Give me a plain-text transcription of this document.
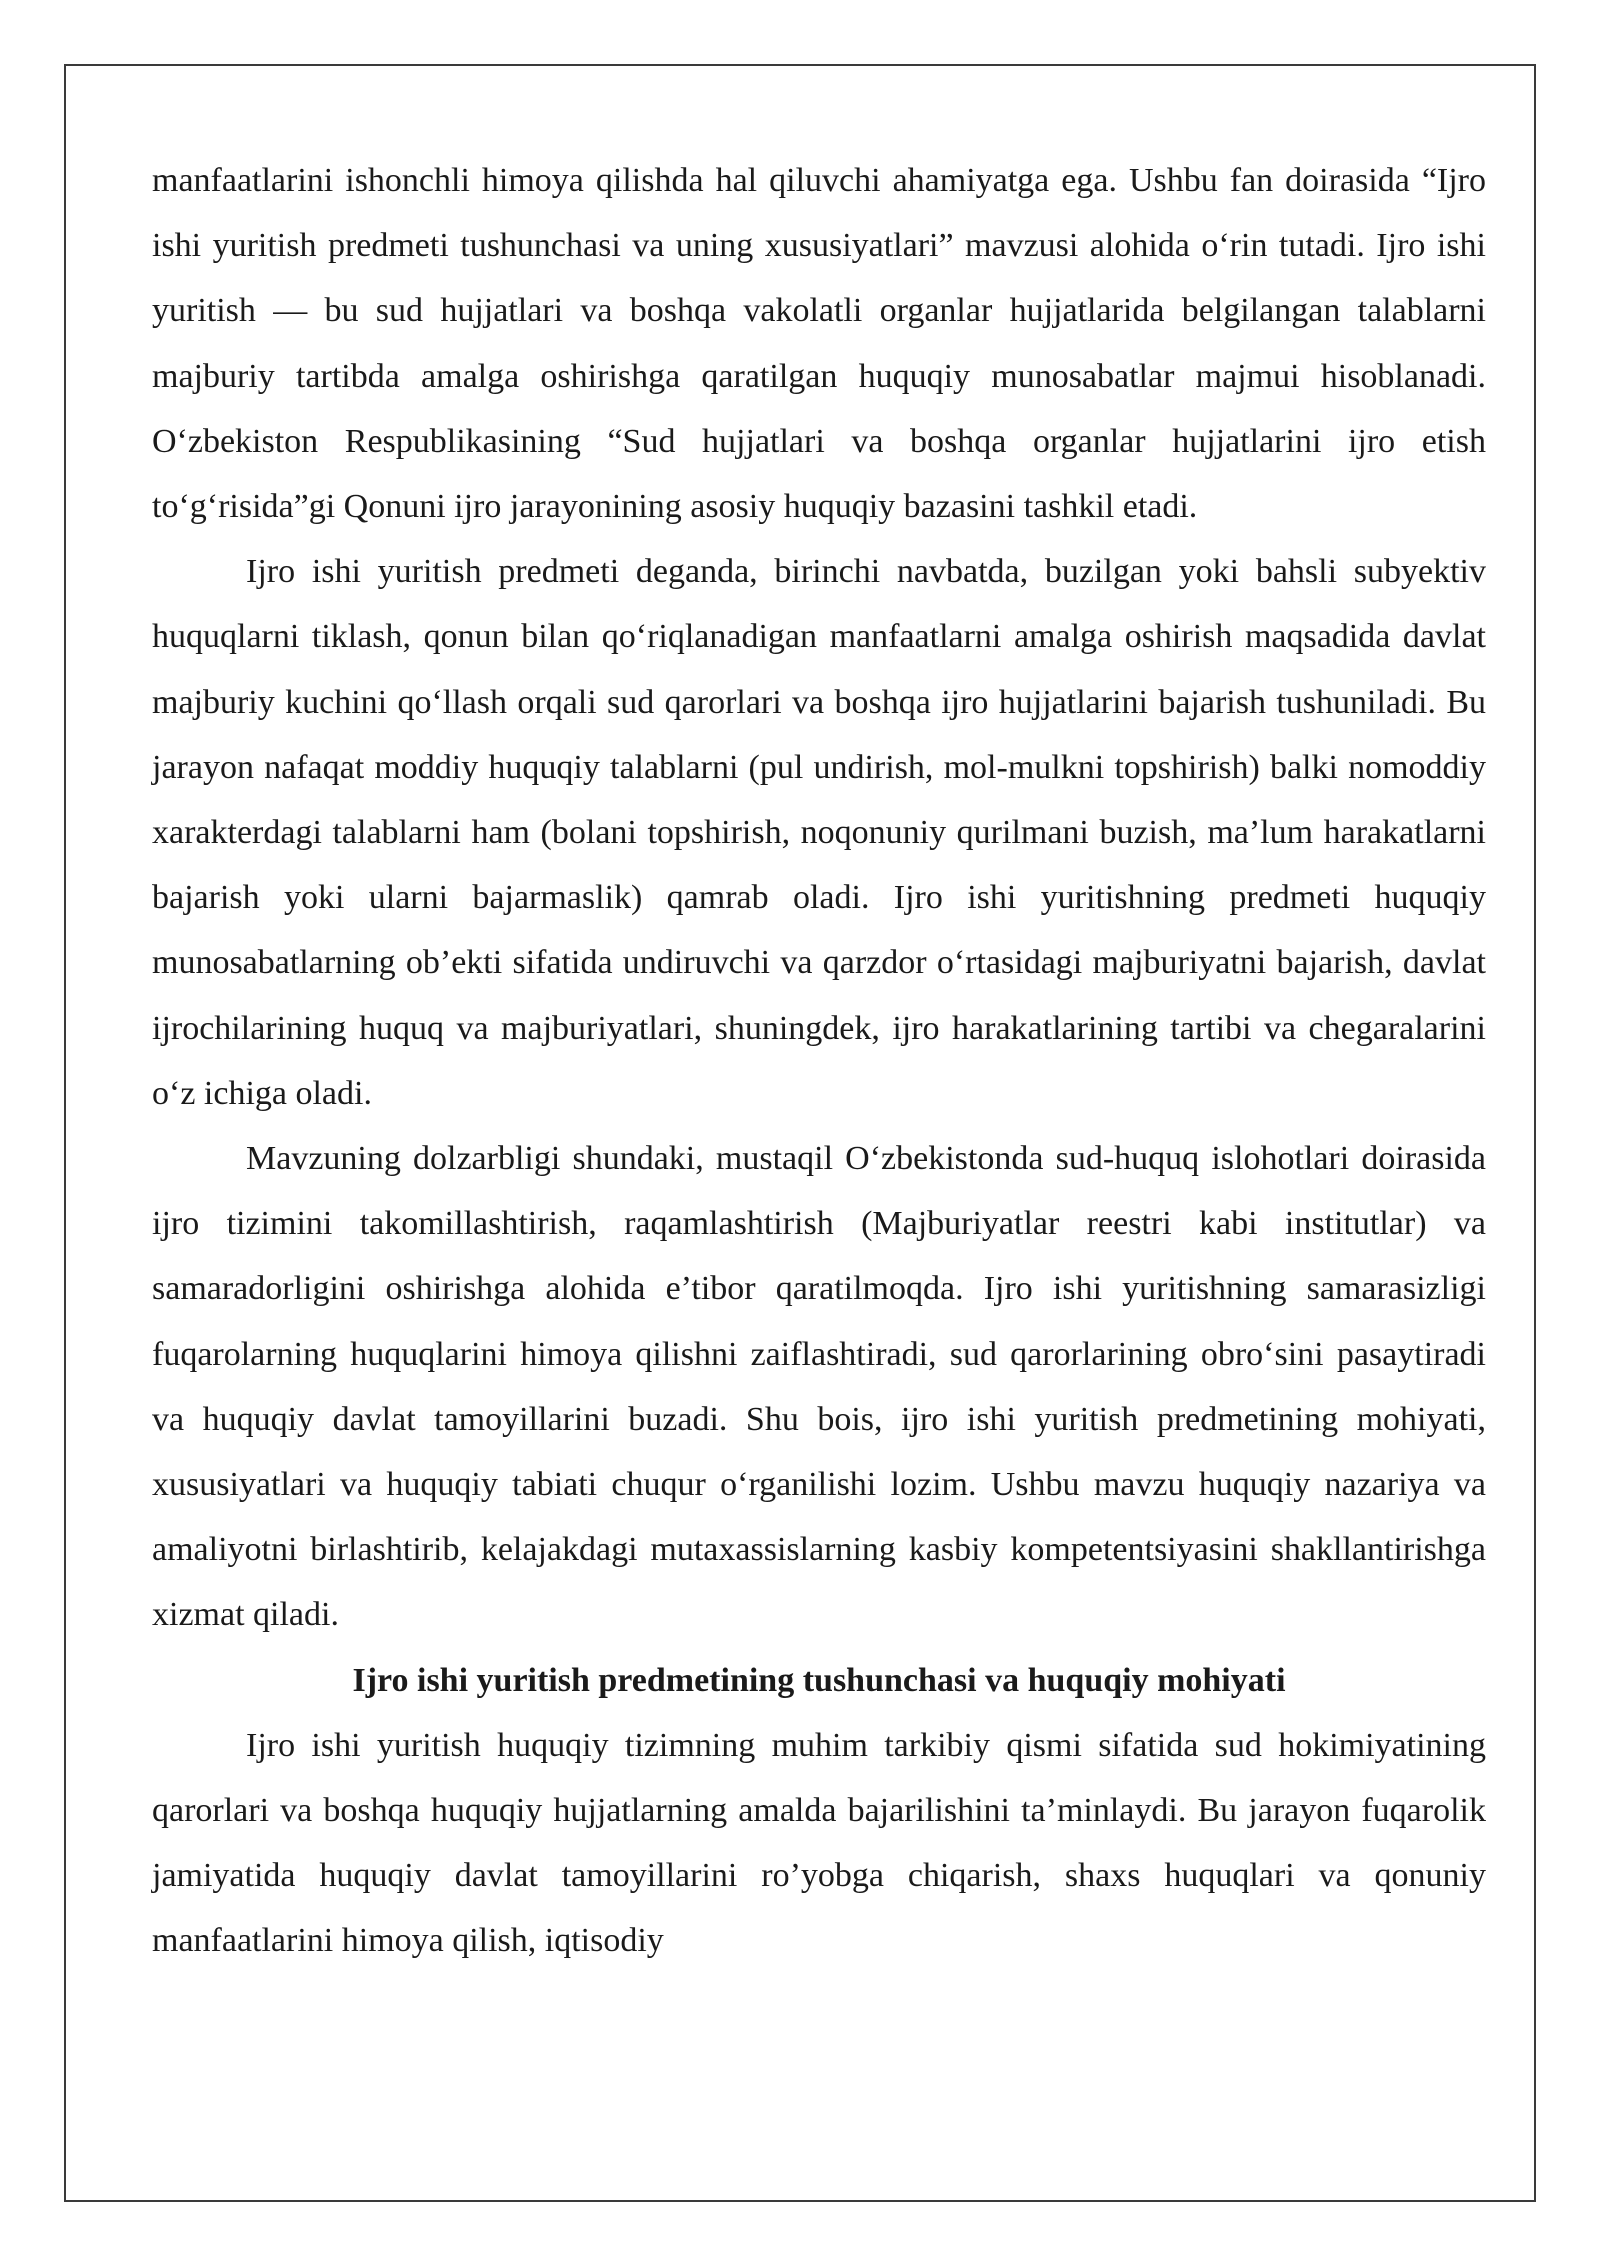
manfaatlarini ishonchli himoya qilishda hal qiluvchi ahamiyatga ega. Ushbu fan doirasida “Ijro ishi yuritish predmeti tushunchasi va uning xususiyatlari” mavzusi alohida oʻrin tutadi. Ijro ishi yuritish — bu sud hujjatlari va boshqa vakolatli organlar hujjatlarida belgilangan talablarni majburiy tartibda amalga oshirishga qaratilgan huquqiy munosabatlar majmui hisoblanadi. Oʻzbekiston Respublikasining “Sud hujjatlari va boshqa organlar hujjatlarini ijro etish toʻgʻrisida”gi Qonuni ijro jarayonining asosiy huquqiy bazasini tashkil etadi.

Ijro ishi yuritish predmeti deganda, birinchi navbatda, buzilgan yoki bahsli subyektiv huquqlarni tiklash, qonun bilan qoʻriqlanadigan manfaatlarni amalga oshirish maqsadida davlat majburiy kuchini qoʻllash orqali sud qarorlari va boshqa ijro hujjatlarini bajarish tushuniladi. Bu jarayon nafaqat moddiy huquqiy talablarni (pul undirish, mol-mulkni topshirish) balki nomoddiy xarakterdagi talablarni ham (bolani topshirish, noqonuniy qurilmani buzish, ma’lum harakatlarni bajarish yoki ularni bajarmaslik) qamrab oladi. Ijro ishi yuritishning predmeti huquqiy munosabatlarning ob’ekti sifatida undiruvchi va qarzdor oʻrtasidagi majburiyatni bajarish, davlat ijrochilarining huquq va majburiyatlari, shuningdek, ijro harakatlarining tartibi va chegaralarini oʻz ichiga oladi.

Mavzuning dolzarbligi shundaki, mustaqil Oʻzbekistonda sud-huquq islohotlari doirasida ijro tizimini takomillashtirish, raqamlashtirish (Majburiyatlar reestri kabi institutlar) va samaradorligini oshirishga alohida e’tibor qaratilmoqda. Ijro ishi yuritishning samarasizligi fuqarolarning huquqlarini himoya qilishni zaiflashtiradi, sud qarorlarining obroʻsini pasaytiradi va huquqiy davlat tamoyillarini buzadi. Shu bois, ijro ishi yuritish predmetining mohiyati, xususiyatlari va huquqiy tabiati chuqur oʻrganilishi lozim. Ushbu mavzu huquqiy nazariya va amaliyotni birlashtirib, kelajakdagi mutaxassislarning kasbiy kompetentsiyasini shakllantirishga xizmat qiladi.

Ijro ishi yuritish predmetining tushunchasi va huquqiy mohiyati

Ijro ishi yuritish huquqiy tizimning muhim tarkibiy qismi sifatida sud hokimiyatining qarorlari va boshqa huquqiy hujjatlarning amalda bajarilishini ta’minlaydi. Bu jarayon fuqarolik jamiyatida huquqiy davlat tamoyillarini ro’yobga chiqarish, shaxs huquqlari va qonuniy manfaatlarini himoya qilish, iqtisodiy
